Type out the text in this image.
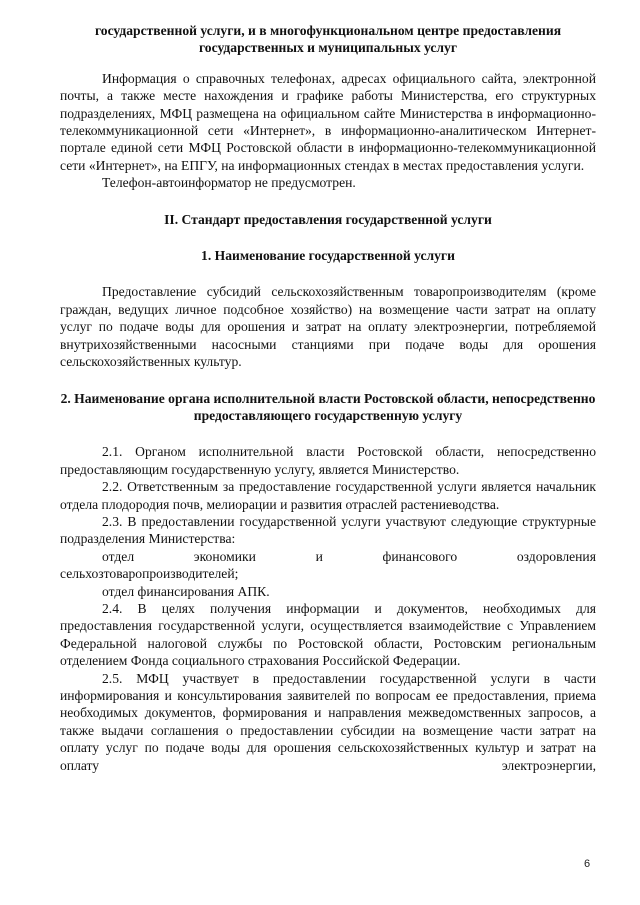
государственной услуги, и в многофункциональном центре предоставления государственных и муниципальных услуг

Информация о справочных телефонах, адресах официального сайта, электронной почты, а также месте нахождения и графике работы Министерства, его структурных подразделениях, МФЦ размещена на официальном сайте Министерства в информационно-телекоммуникационной сети «Интернет», в информационно-аналитическом Интернет-портале единой сети МФЦ Ростовской области в информационно-телекоммуникационной сети «Интернет», на ЕПГУ, на информационных стендах в местах предоставления услуги.

Телефон-автоинформатор не предусмотрен.

II. Стандарт предоставления государственной услуги

1. Наименование государственной услуги

Предоставление субсидий сельскохозяйственным товаропроизводителям (кроме граждан, ведущих личное подсобное хозяйство) на возмещение части затрат на оплату услуг по подаче воды для орошения и затрат на оплату электроэнергии, потребляемой внутрихозяйственными насосными станциями при подаче воды для орошения сельскохозяйственных культур.

2. Наименование органа исполнительной власти Ростовской области, непосредственно предоставляющего государственную услугу

2.1. Органом исполнительной власти Ростовской области, непосредственно предоставляющим государственную услугу, является Министерство.

2.2. Ответственным за предоставление государственной услуги является начальник отдела плодородия почв, мелиорации и развития отраслей растениеводства.

2.3. В предоставлении государственной услуги участвуют следующие структурные подразделения Министерства:

отдел	экономики	и	финансового	оздоровления

сельхозтоваропроизводителей;

отдел финансирования АПК.

2.4. В целях получения информации и документов, необходимых для предоставления государственной услуги, осуществляется взаимодействие с Управлением Федеральной налоговой службы по Ростовской области, Ростовским региональным отделением Фонда социального страхования Российской Федерации.

2.5. МФЦ участвует в предоставлении государственной услуги в части информирования и консультирования заявителей по вопросам ее предоставления, приема необходимых документов, формирования и направления межведомственных запросов, а также выдачи соглашения о предоставлении субсидии на возмещение части затрат на оплату услуг по подаче воды для орошения сельскохозяйственных культур и затрат на оплату электроэнергии,

6
